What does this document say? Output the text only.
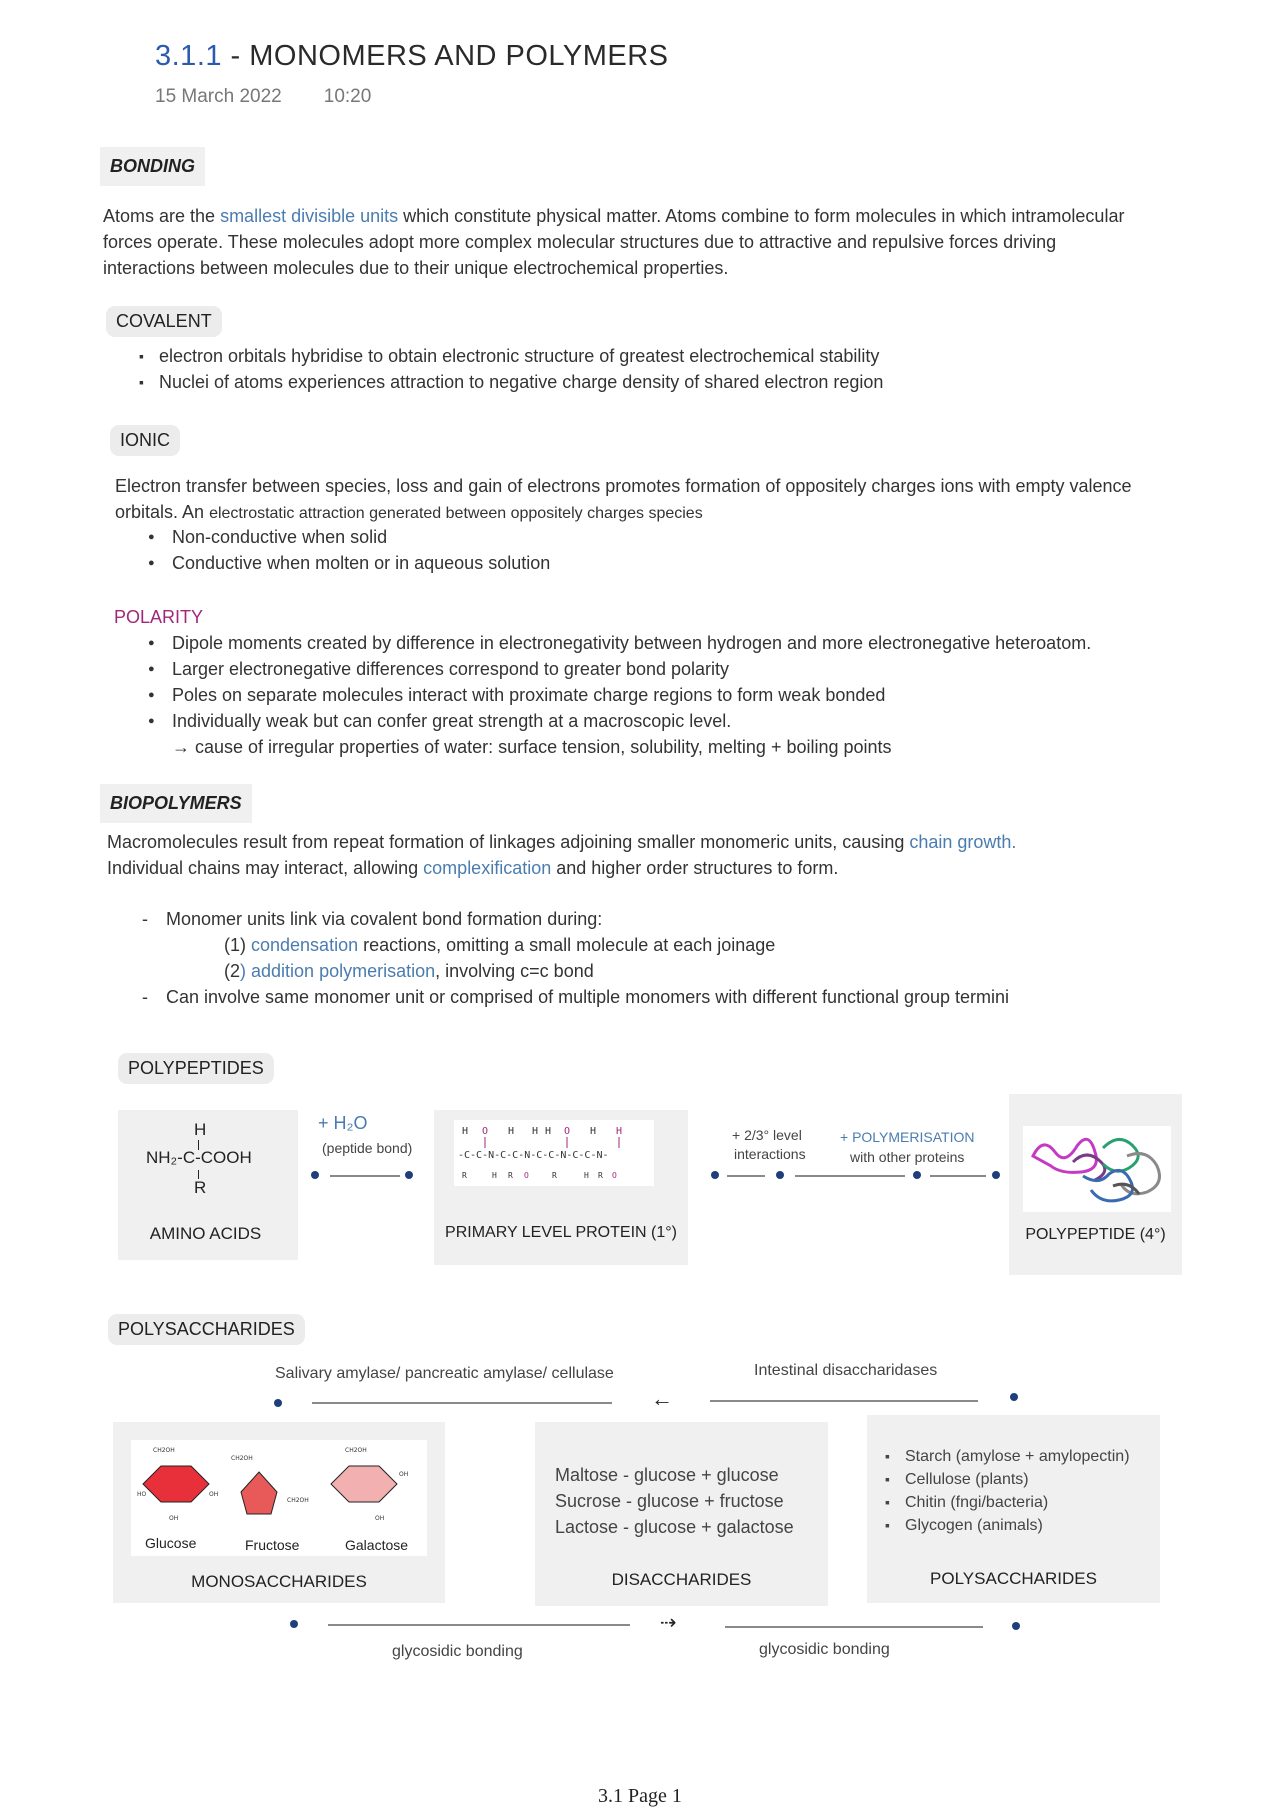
3.1.1 - MONOMERS AND POLYMERS
15 March 2022 10:20
BONDING
Atoms are the smallest divisible units which constitute physical matter. Atoms combine to form molecules in which intramolecular forces operate. These molecules adopt more complex molecular structures due to attractive and repulsive forces driving interactions between molecules due to their unique electrochemical properties.
COVALENT
▪ electron orbitals hybridise to obtain electronic structure of greatest electrochemical stability
▪ Nuclei of atoms experiences attraction to negative charge density of shared electron region
IONIC
Electron transfer between species, loss and gain of electrons promotes formation of oppositely charges ions with empty valence orbitals. An electrostatic attraction generated between oppositely charges species
● Non-conductive when solid
● Conductive when molten or in aqueous solution
POLARITY
● Dipole moments created by difference in electronegativity between hydrogen and more electronegative heteroatom.
● Larger electronegative differences correspond to greater bond polarity
● Poles on separate molecules interact with proximate charge regions to form weak bonded
● Individually weak but can confer great strength at a macroscopic level.
→ cause of irregular properties of water: surface tension, solubility, melting + boiling points
BIOPOLYMERS
Macromolecules result from repeat formation of linkages adjoining smaller monomeric units, causing chain growth.
Individual chains may interact, allowing complexification and higher order structures to form.
- Monomer units link via covalent bond formation during:
(1) condensation reactions, omitting a small molecule at each joinage
(2) addition polymerisation, involving c=c bond
- Can involve same monomer unit or comprised of multiple monomers with different functional group termini
POLYPEPTIDES
H
NH₂-C-COOH
R
AMINO ACIDS
+ H₂O
(peptide bond)
H O H H H O H H
-C-C-N-C-C-N-C-C-N-C-C-N-
R	H R O	R	H R O
PRIMARY LEVEL PROTEIN (1°)
+ 2/3° level
interactions
+ POLYMERISATION
with other proteins
POLYPEPTIDE (4°)
POLYSACCHARIDES
Salivary amylase/ pancreatic amylase/ cellulase	Intestinal disaccharidases
←
CH2OH
CH2OH
CH2OH
HO	OH
OH
CH2OH
OH
OH
Glucose	Fructose	Galactose
MONOSACCHARIDES
Maltose - glucose + glucose
Sucrose - glucose + fructose
Lactose - glucose + galactose
DISACCHARIDES
▪ Starch (amylose + amylopectin)
▪ Cellulose (plants)
▪ Chitin (fngi/bacteria)
▪ Glycogen (animals)
POLYSACCHARIDES
⇢
glycosidic bonding	glycosidic bonding
3.1 Page 1
